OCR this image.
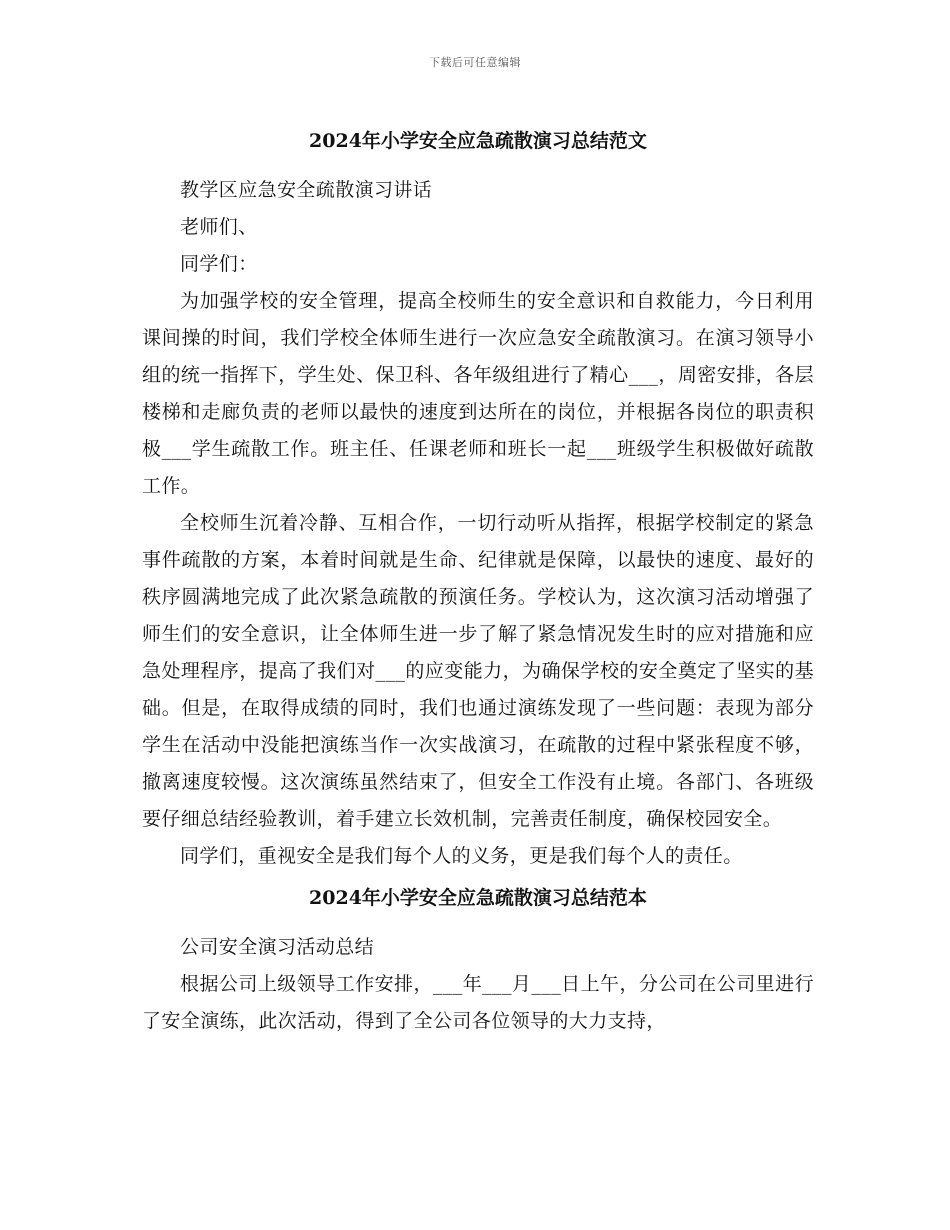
下载后可任意编辑
2024年小学安全应急疏散演习总结范文

教学区应急安全疏散演习讲话

老师们、

同学们：

为加强学校的安全管理，提高全校师生的安全意识和自救能力，今日利用课间操的时间，我们学校全体师生进行一次应急安全疏散演习。在演习领导小组的统一指挥下，学生处、保卫科、各年级组进行了精心___，周密安排，各层楼梯和走廊负责的老师以最快的速度到达所在的岗位，并根据各岗位的职责积极___学生疏散工作。班主任、任课老师和班长一起___班级学生积极做好疏散工作。

全校师生沉着冷静、互相合作，一切行动听从指挥，根据学校制定的紧急事件疏散的方案，本着时间就是生命、纪律就是保障，以最快的速度、最好的秩序圆满地完成了此次紧急疏散的预演任务。学校认为，这次演习活动增强了师生们的安全意识，让全体师生进一步了解了紧急情况发生时的应对措施和应急处理程序，提高了我们对___的应变能力，为确保学校的安全奠定了坚实的基础。但是，在取得成绩的同时，我们也通过演练发现了一些问题：表现为部分学生在活动中没能把演练当作一次实战演习，在疏散的过程中紧张程度不够，撤离速度较慢。这次演练虽然结束了，但安全工作没有止境。各部门、各班级要仔细总结经验教训，着手建立长效机制，完善责任制度，确保校园安全。

同学们，重视安全是我们每个人的义务，更是我们每个人的责任。

2024年小学安全应急疏散演习总结范本

公司安全演习活动总结

根据公司上级领导工作安排，___年___月___日上午，分公司在公司里进行了安全演练，此次活动，得到了全公司各位领导的大力支持，
